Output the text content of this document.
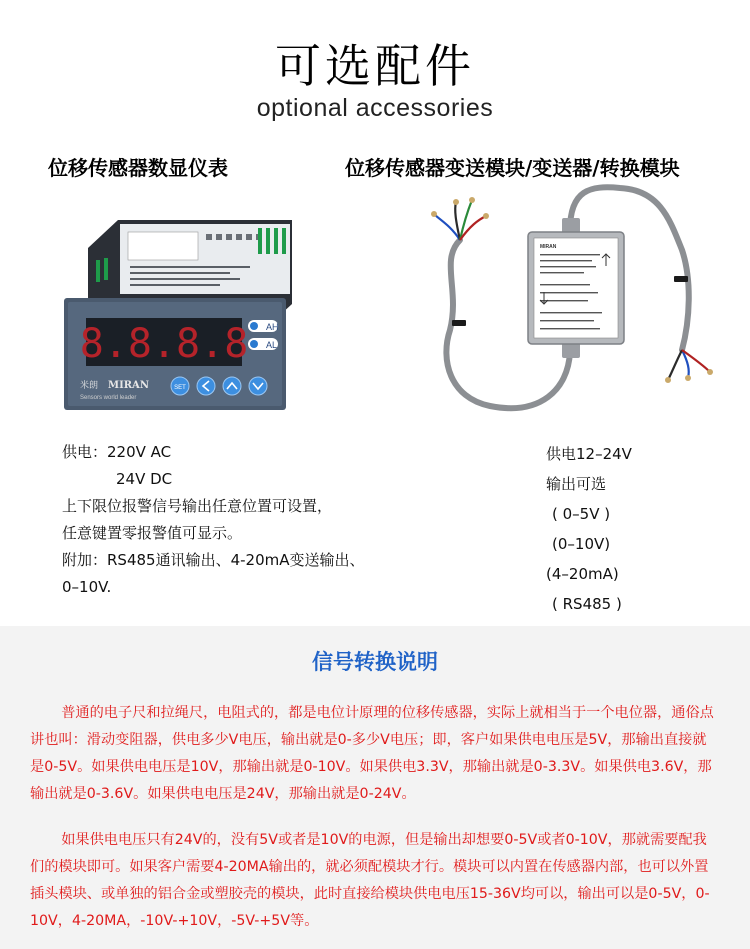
可选配件
optional accessories
位移传感器数显仪表	位移传感器变送模块/变送器/转换模块
8.8.8.8 AH
AL
米朗 MIRAN
Sensors world leader
SET
MIRAN
供电：220V AC
24V DC
上下限位报警信号输出任意位置可设置，
任意键置零报警值可显示。
附加：RS485通讯输出、4-20mA变送输出、
0–10V.
供电12–24V
输出可选
( 0–5V )
(0–10V)
(4–20mA)
( RS485 )
信号转换说明
普通的电子尺和拉绳尺，电阻式的，都是电位计原理的位移传感器，实际上就相当于一个电位器，通俗点讲也叫：滑动变阻器，供电多少V电压，输出就是0-多少V电压；即，客户如果供电电压是5V，那输出直接就是0-5V。如果供电电压是10V，那输出就是0-10V。如果供电3.3V，那输出就是0-3.3V。如果供电3.6V，那输出就是0-3.6V。如果供电电压是24V，那输出就是0-24V。
如果供电电压只有24V的，没有5V或者是10V的电源，但是输出却想要0-5V或者0-10V，那就需要配我们的模块即可。如果客户需要4-20MA输出的，就必须配模块才行。模块可以内置在传感器内部，也可以外置插头模块、或单独的铝合金或塑胶壳的模块，此时直接给模块供电电压15-36V均可以，输出可以是0-5V，0-10V，4-20MA，-10V-+10V，-5V-+5V等。
